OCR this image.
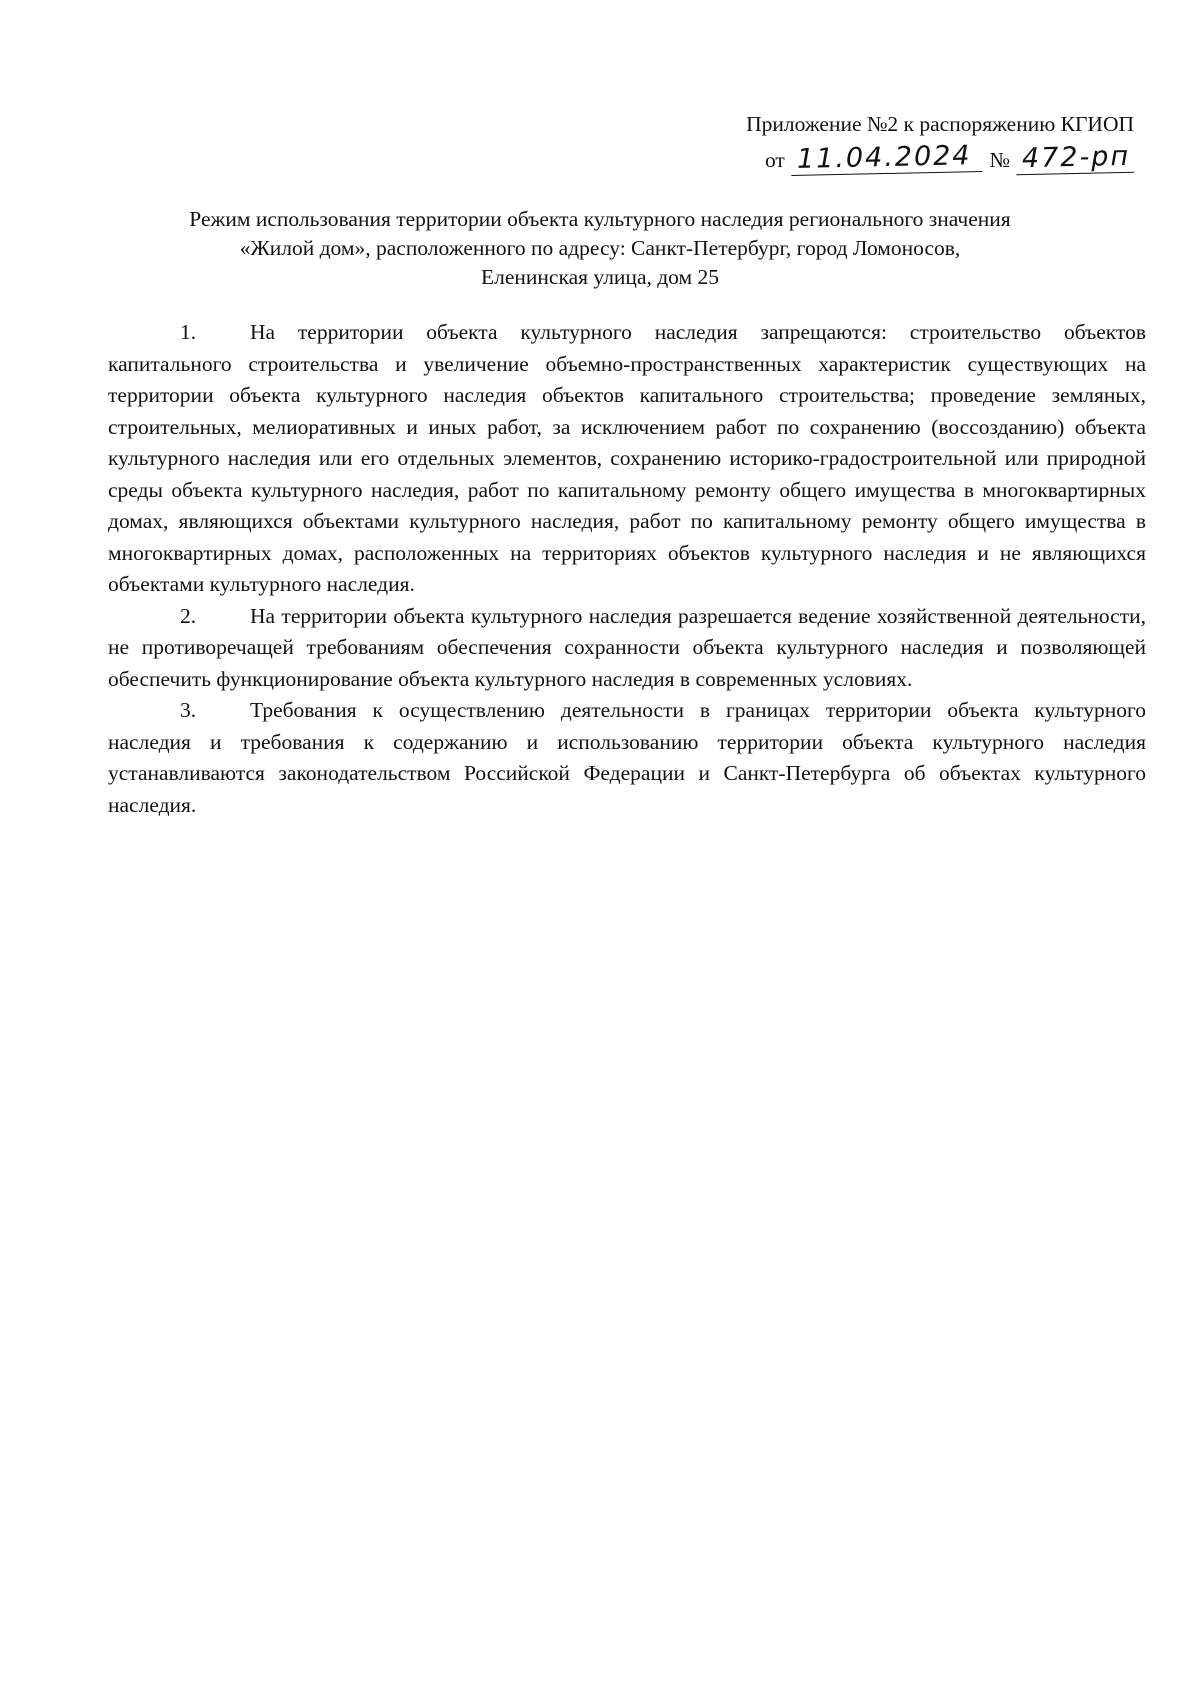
Приложение №2 к распоряжению КГИОП
от 11.04.2024 № 472-рп
Режим использования территории объекта культурного наследия регионального значения
«Жилой дом», расположенного по адресу: Санкт-Петербург, город Ломоносов,
Еленинская улица, дом 25

1.	На территории объекта культурного наследия запрещаются: строительство объектов капитального строительства и увеличение объемно-пространственных характеристик существующих на территории объекта культурного наследия объектов капитального строительства; проведение земляных, строительных, мелиоративных и иных работ, за исключением работ по сохранению (воссозданию) объекта культурного наследия или его отдельных элементов, сохранению историко-градостроительной или природной среды объекта культурного наследия, работ по капитальному ремонту общего имущества в многоквартирных домах, являющихся объектами культурного наследия, работ по капитальному ремонту общего имущества в многоквартирных домах, расположенных на территориях объектов культурного наследия и не являющихся объектами культурного наследия.

2.	На территории объекта культурного наследия разрешается ведение хозяйственной деятельности, не противоречащей требованиям обеспечения сохранности объекта культурного наследия и позволяющей обеспечить функционирование объекта культурного наследия в современных условиях.

3.	Требования к осуществлению деятельности в границах территории объекта культурного наследия и требования к содержанию и использованию территории объекта культурного наследия устанавливаются законодательством Российской Федерации и Санкт-Петербурга об объектах культурного наследия.
